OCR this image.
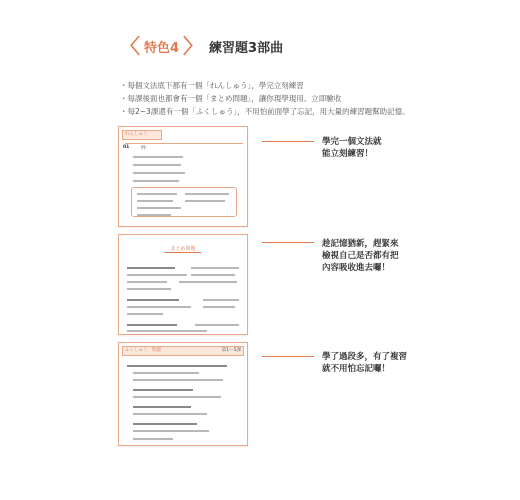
〈 特色4 〉 練習題3部曲
・ 每個文法底下都有一個「れんしゅう」，學完立刻練習
・ 每課後面也都會有一個「まとめ問題」，讓你現學現用、立即驗收
・ 每2~3課還有一個「ふくしゅう」，不用怕前面學了忘記，用大量的練習題幫助記憶。
れんしゅう
01	例：
まとめ問題
ふくしゅう　問題	第1〜5課
學完一個文法就
能立刻練習！
趁記憶猶新，趕緊來
檢視自己是否都有把
內容吸收進去囉！
學了過段多，有了複習
就不用怕忘記囉！
